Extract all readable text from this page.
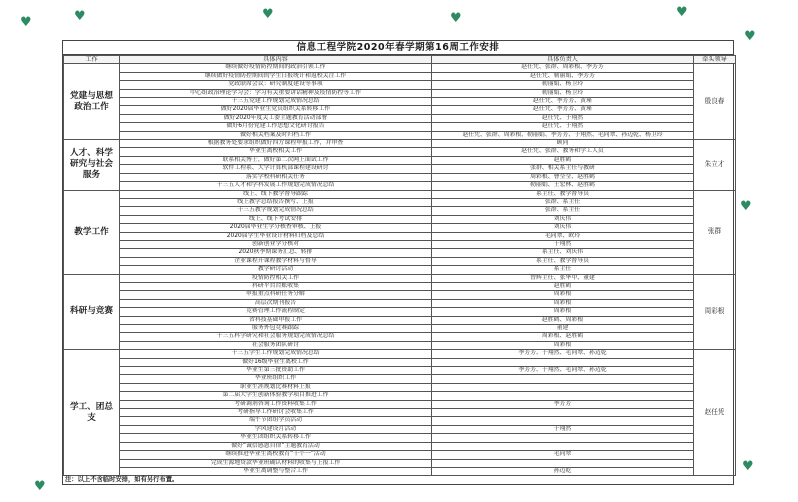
♥	♥	♥	♥
♥
♥
♥
♥
♥
信息工程学院2020年春学期第16周工作安排
工作	具体内容	具体负责人	牵头领导
党建与思想政治工作	继续做好疫情防控期间的政治引领工作	赵任凭、张群、周彩根、季芳芳	殷良春
	继续做好疫情防控期间的学生日报统计和返校关注工作	赵任凭、勒丽娟、季芳芳	
	党政联席会议：研究制度建设等事项	勒丽娟、杨卫玲	
	中心组政治理论学习会：学习有关重要讲话精神及疫情防控等工作	勒丽娟、杨卫玲	
	十三五党建工作规划完成情况总结	赵任凭、季芳芳、黄瑾	
	做好2020届毕业生党员组织关系转移工作	赵任凭、季芳芳、黄瑾	
	做好2020年度关工委主题教育活动部署	赵任凭、于翔然	
	做好6月份党建工作思想文化研讨报告	赵任凭、于翔然	
	做好相关档案及时归档工作	赵任凭、张群、周彩根、勒丽娟、季芳芳、于翔然、毛同翠、孙迈乾、杨卫玲	
人才、科学研究与社会服务	根据教务处要求组织做好四方课程申报工作，并审查	顾同	朱立才
	毕业生离校相关工作	赵任凭、张群、教务和学工人员	
	联系相关博士，做好第二次网上面试工作	赵胜鹤	
	软件工程系、大学计算机部课程建设研讨	张群、相关系主任与教研	
	落实学校科研相关任务	周彩根、曹莹莹、赵胜鹤	
	十三五人才和学科发展工作规划完成情况总结	勒丽娟、王宏林、赵胜鹤	
教学工作	线上、线下教学督导跟踪	系主任、教学督导员	张群
	线上教学总结报告撰写、上报	张群、系主任	
	十三五教学规划完成情况总结	张群、系主任	
	线上、线下考试安排	刘庆伟	
	2020届毕业生学分核查审核、上报	刘庆伟	
	2020届学生毕业设计材料归档及总结	毛同翠、欧玲	
	创新创业学分核对	于翔然	
	2020秋季期课务汇总、转排	系主任、刘庆伟	
	企业课程开课程教学材料与督导	系主任、教学督导员	
	教学研讨活动	系主任	
科研与竞赛	疫情防控相关工作	曾辉主任、张华中、董建	周彩根
	科研平台台账收集	赵胜鹤	
	申报重点科研任务分解	周彩根	
	高层次期刊报告	周彩根	
	竞赛管理工作流程制定	周彩根	
	省科技基础申报工作	赵胜鹤、周彩根	
	服务外包竞赛跟踪	董建	
	十三五科学研究和社会服务规划完成情况总结	周彩根、赵胜鹤	
	社会服务团队研讨	周彩根	
学工、团总支	十三五学生工作规划完成情况总结	季芳芳、于翔然、毛同翠、孙迈乾	赵任凭
	做好16级毕业生离校工作		
	毕业生第三批资助工作	季芳芳、于翔然、毛同翠、孙迈乾	
	毕业班组织工作		
	职业生涯规划比赛材料上报		
	第二届大学生创新体验教学项目推进工作		
	考研调剂咨询工作资料收集工作	季芳芳	
	考研指导工作研讨会收集工作		
	端午节团组学员活动		
	学风建设月活动	于翔然	
	毕业生团组织关系转移工作		
	做好“诚信感恩自律”主题教育活动		
	继续推进毕业生离校教育“十个一”活动	毛同翠	
	完成生源地贷款毕业班确认材料的收集与上报工作		
	毕业生离调整与整合工作	孙迈乾	
注：以上不含临时安排，如有另行布置。
